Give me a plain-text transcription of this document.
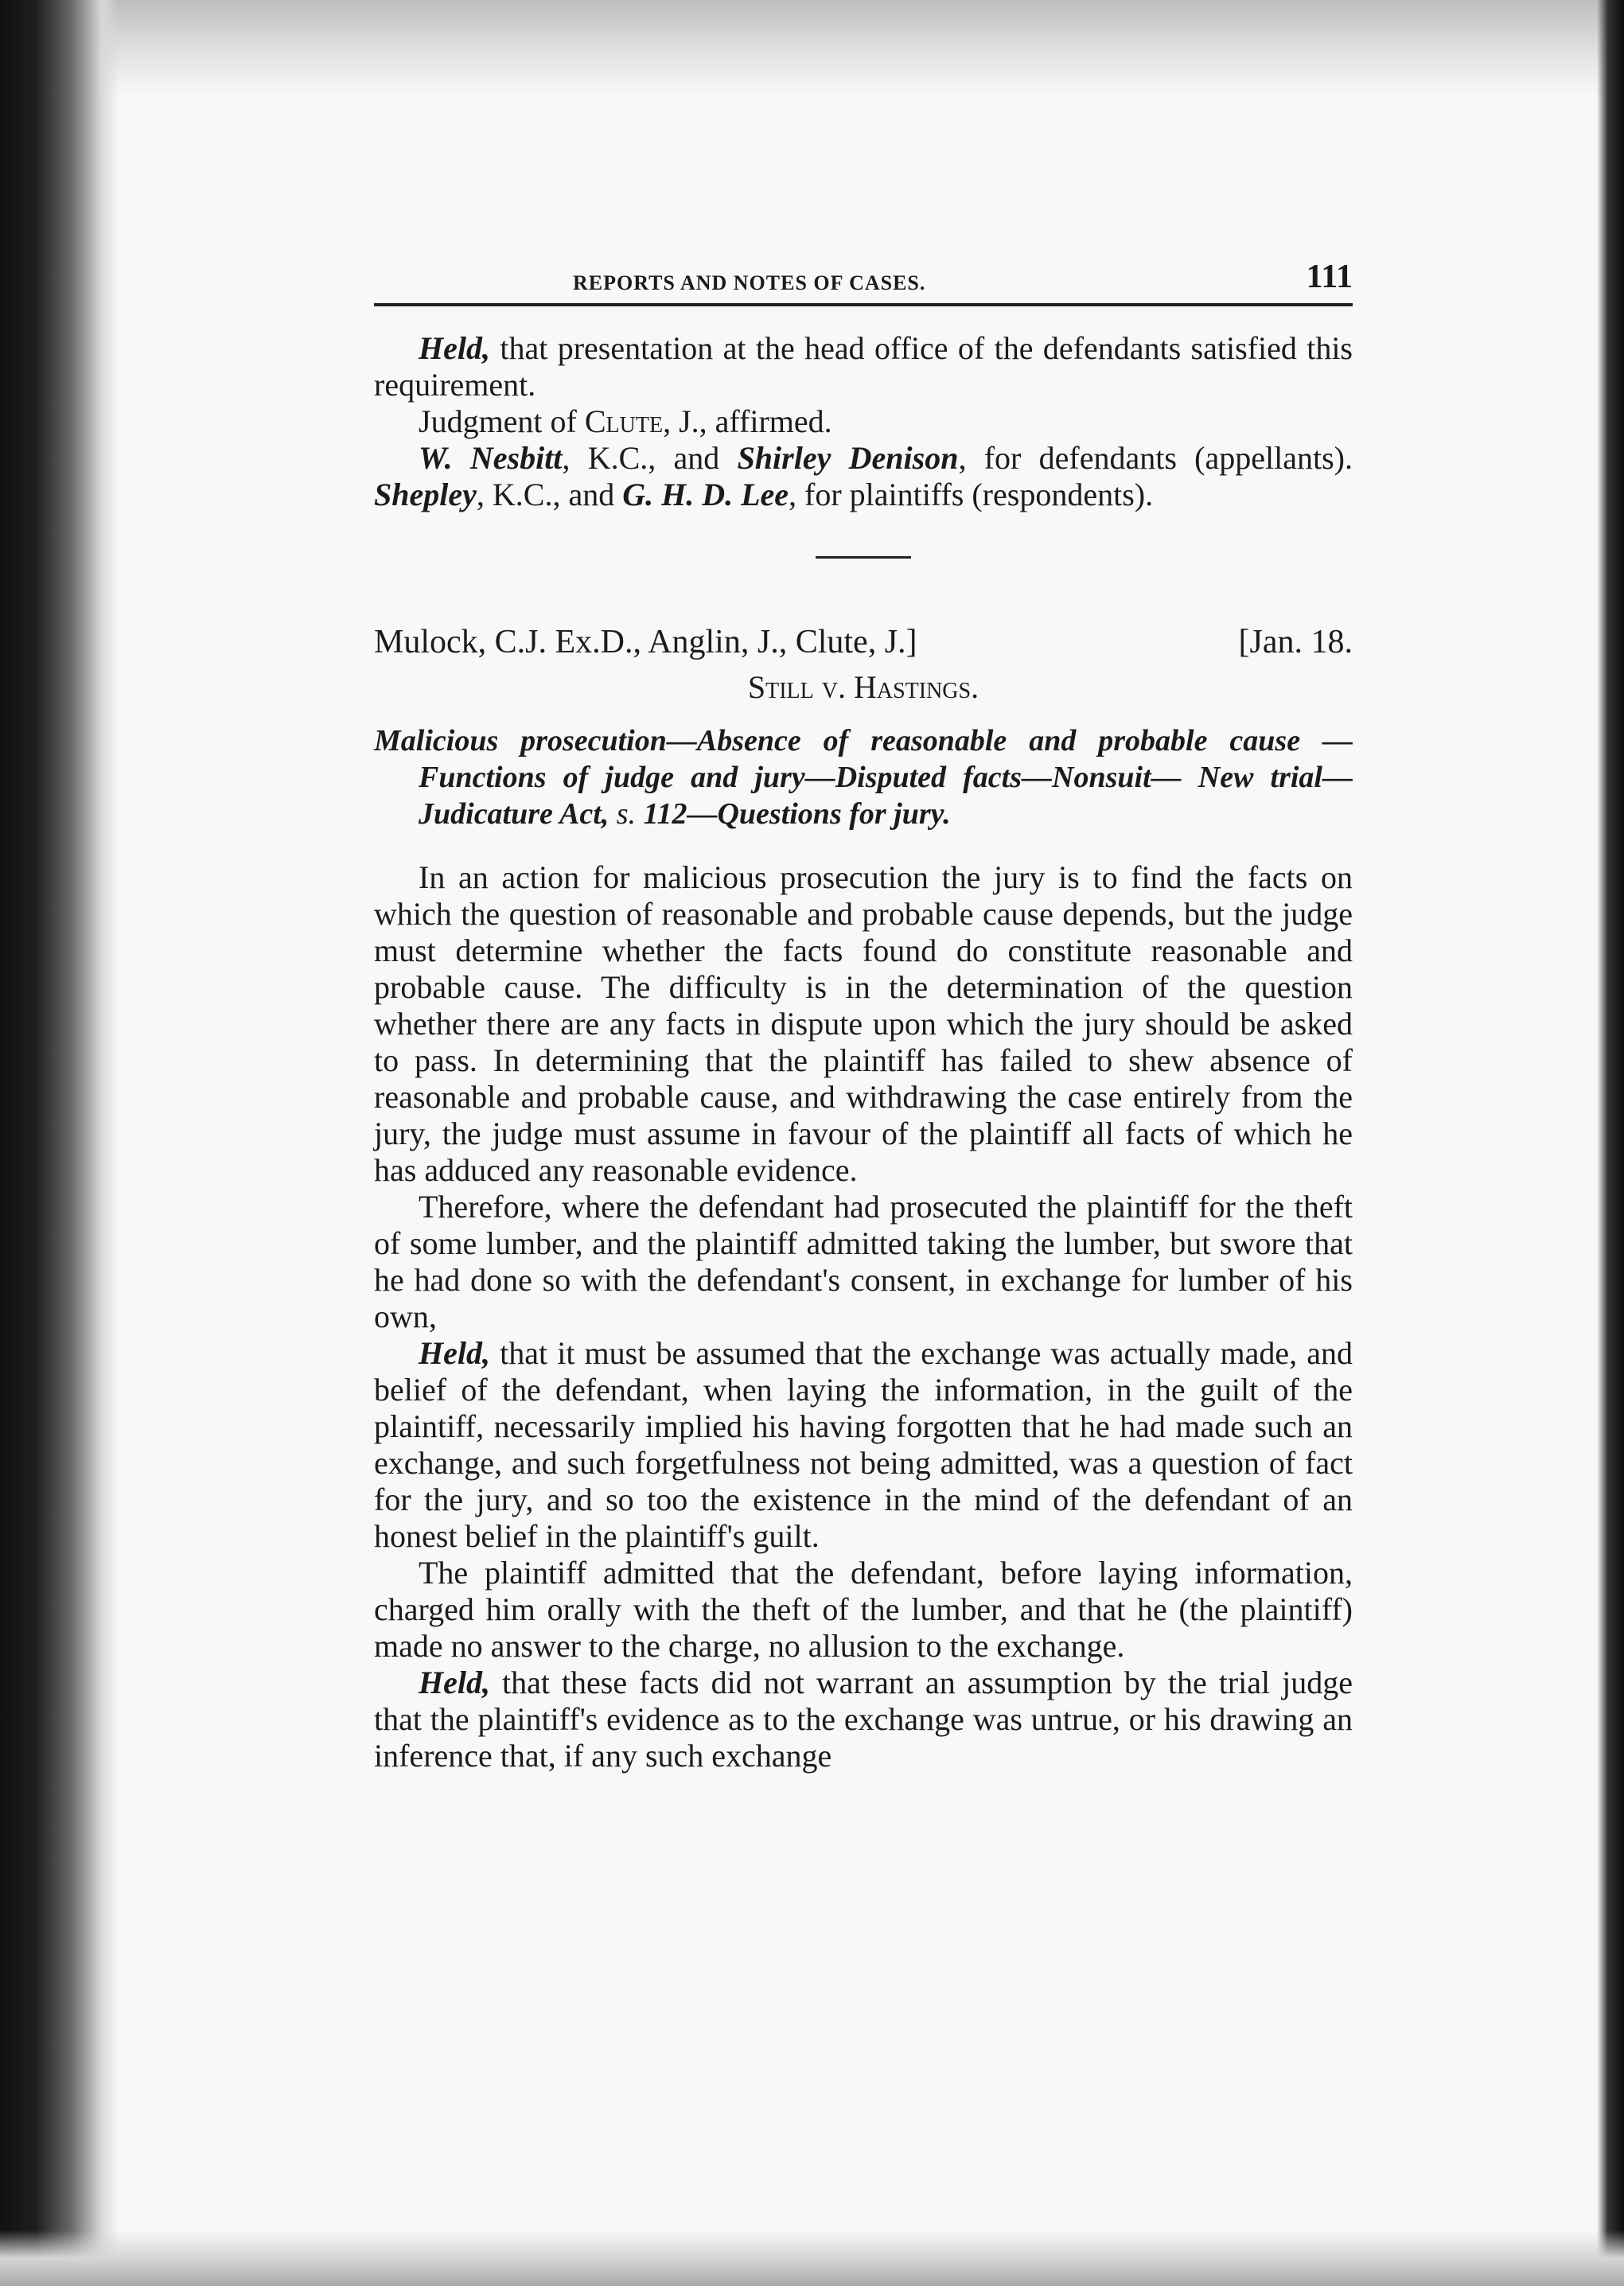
REPORTS AND NOTES OF CASES.	111

Held, that presentation at the head office of the defendants satisfied this requirement.

Judgment of Clute, J., affirmed.

W. Nesbitt, K.C., and Shirley Denison, for defendants (appellants). Shepley, K.C., and G. H. D. Lee, for plaintiffs (respondents).

Mulock, C.J. Ex.D., Anglin, J., Clute, J.]	[Jan. 18.
Still v. Hastings.

Malicious prosecution—Absence of reasonable and probable cause —Functions of judge and jury—Disputed facts—Nonsuit— New trial—Judicature Act, s. 112—Questions for jury.

In an action for malicious prosecution the jury is to find the facts on which the question of reasonable and probable cause depends, but the judge must determine whether the facts found do constitute reasonable and probable cause. The difficulty is in the determination of the question whether there are any facts in dispute upon which the jury should be asked to pass. In determining that the plaintiff has failed to shew absence of reasonable and probable cause, and withdrawing the case entirely from the jury, the judge must assume in favour of the plaintiff all facts of which he has adduced any reasonable evidence.

Therefore, where the defendant had prosecuted the plaintiff for the theft of some lumber, and the plaintiff admitted taking the lumber, but swore that he had done so with the defendant's consent, in exchange for lumber of his own,

Held, that it must be assumed that the exchange was actually made, and belief of the defendant, when laying the information, in the guilt of the plaintiff, necessarily implied his having forgotten that he had made such an exchange, and such forgetfulness not being admitted, was a question of fact for the jury, and so too the existence in the mind of the defendant of an honest belief in the plaintiff's guilt.

The plaintiff admitted that the defendant, before laying information, charged him orally with the theft of the lumber, and that he (the plaintiff) made no answer to the charge, no allusion to the exchange.

Held, that these facts did not warrant an assumption by the trial judge that the plaintiff's evidence as to the exchange was untrue, or his drawing an inference that, if any such exchange
